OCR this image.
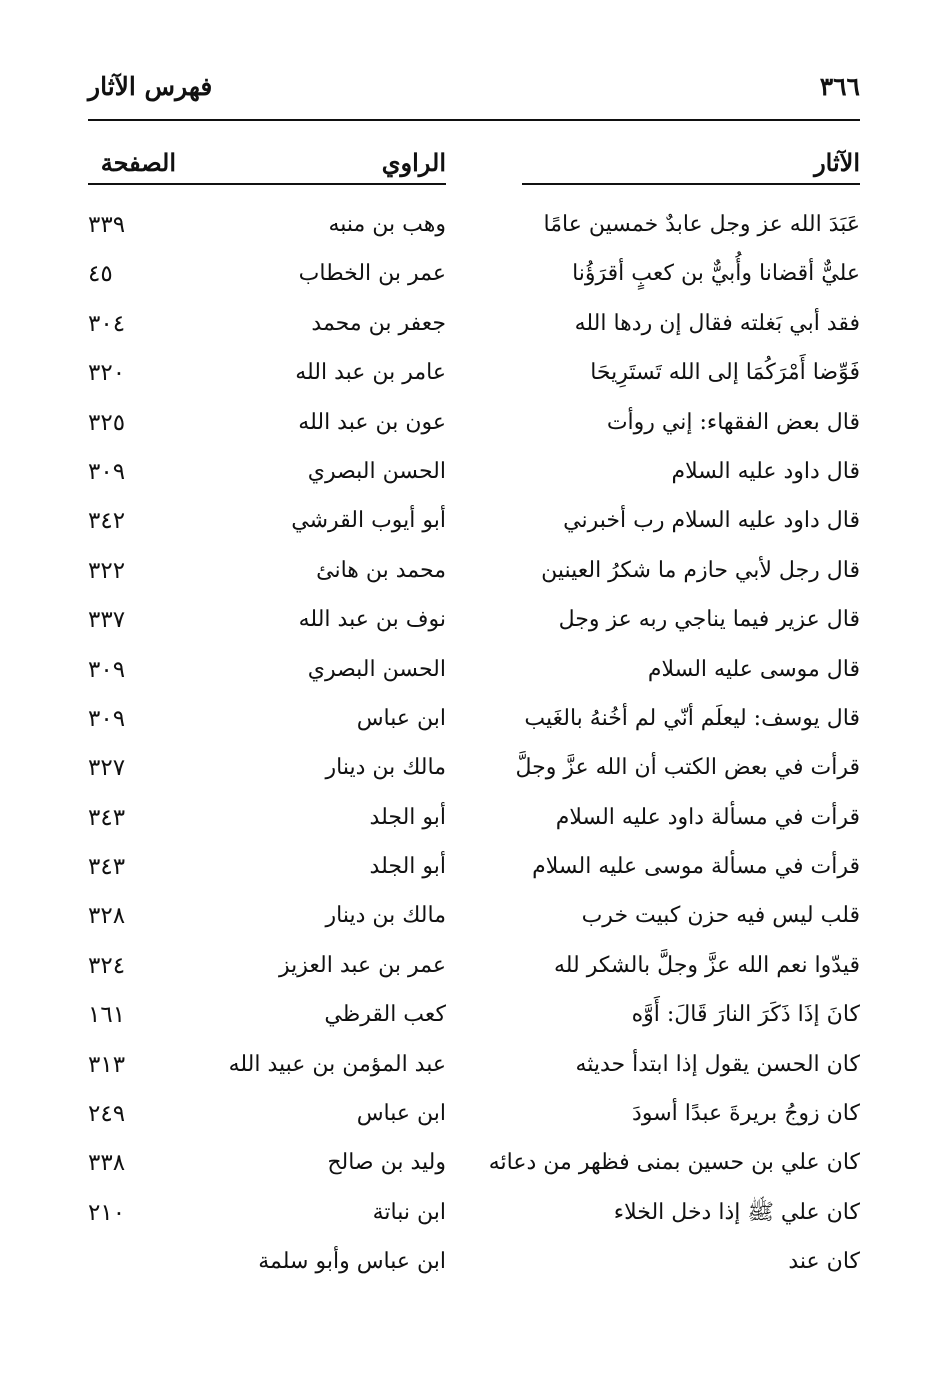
٣٦٦
فهرس الآثار
الآثار
الراوي
الصفحة
عَبَدَ الله عز وجل عابدٌ خمسين عامًا
وهب بن منبه
٣٣٩
عليٌّ أقضانا وأُبيٌّ بن كعبٍ أقرَؤُنا
عمر بن الخطاب
٤٥
فقد أبي بَغلته فقال إن ردها الله
جعفر بن محمد
٣٠٤
فَوِّضا أَمْرَكُمَا إلى الله تَستَرِيحَا
عامر بن عبد الله
٣٢٠
قال بعض الفقهاء: إني روأت
عون بن عبد الله
٣٢٥
قال داود عليه السلام
الحسن البصري
٣٠٩
قال داود عليه السلام رب أخبرني
أبو أيوب القرشي
٣٤٢
قال رجل لأبي حازم ما شكرُ العينين
محمد بن هانئ
٣٢٢
قال عزير فيما يناجي ربه عز وجل
نوف بن عبد الله
٣٣٧
قال موسى عليه السلام
الحسن البصري
٣٠٩
قال يوسف: ليعلَم أنّي لم أخُنهُ بالغَيب
ابن عباس
٣٠٩
قرأت في بعض الكتب أن الله عزَّ وجلَّ
مالك بن دينار
٣٢٧
قرأت في مسألة داود عليه السلام
أبو الجلد
٣٤٣
قرأت في مسألة موسى عليه السلام
أبو الجلد
٣٤٣
قلب ليس فيه حزن كبيت خرب
مالك بن دينار
٣٢٨
قيدّوا نعم الله عزَّ وجلَّ بالشكر لله
عمر بن عبد العزيز
٣٢٤
كانَ إذَا ذَكَرَ النارَ قَالَ: أَوَّه
كعب القرظي
١٦١
كان الحسن يقول إذا ابتدأ حديثه
عبد المؤمن بن عبيد الله
٣١٣
كان زوجُ بريرةَ عبدًا أسودَ
ابن عباس
٢٤٩
كان علي بن حسين بمنى فظهر من دعائه
وليد بن صالح
٣٣٨
كان علي ﷺ إذا دخل الخلاء
ابن نباتة
٢١٠
كان عند
ابن عباس وأبو سلمة
